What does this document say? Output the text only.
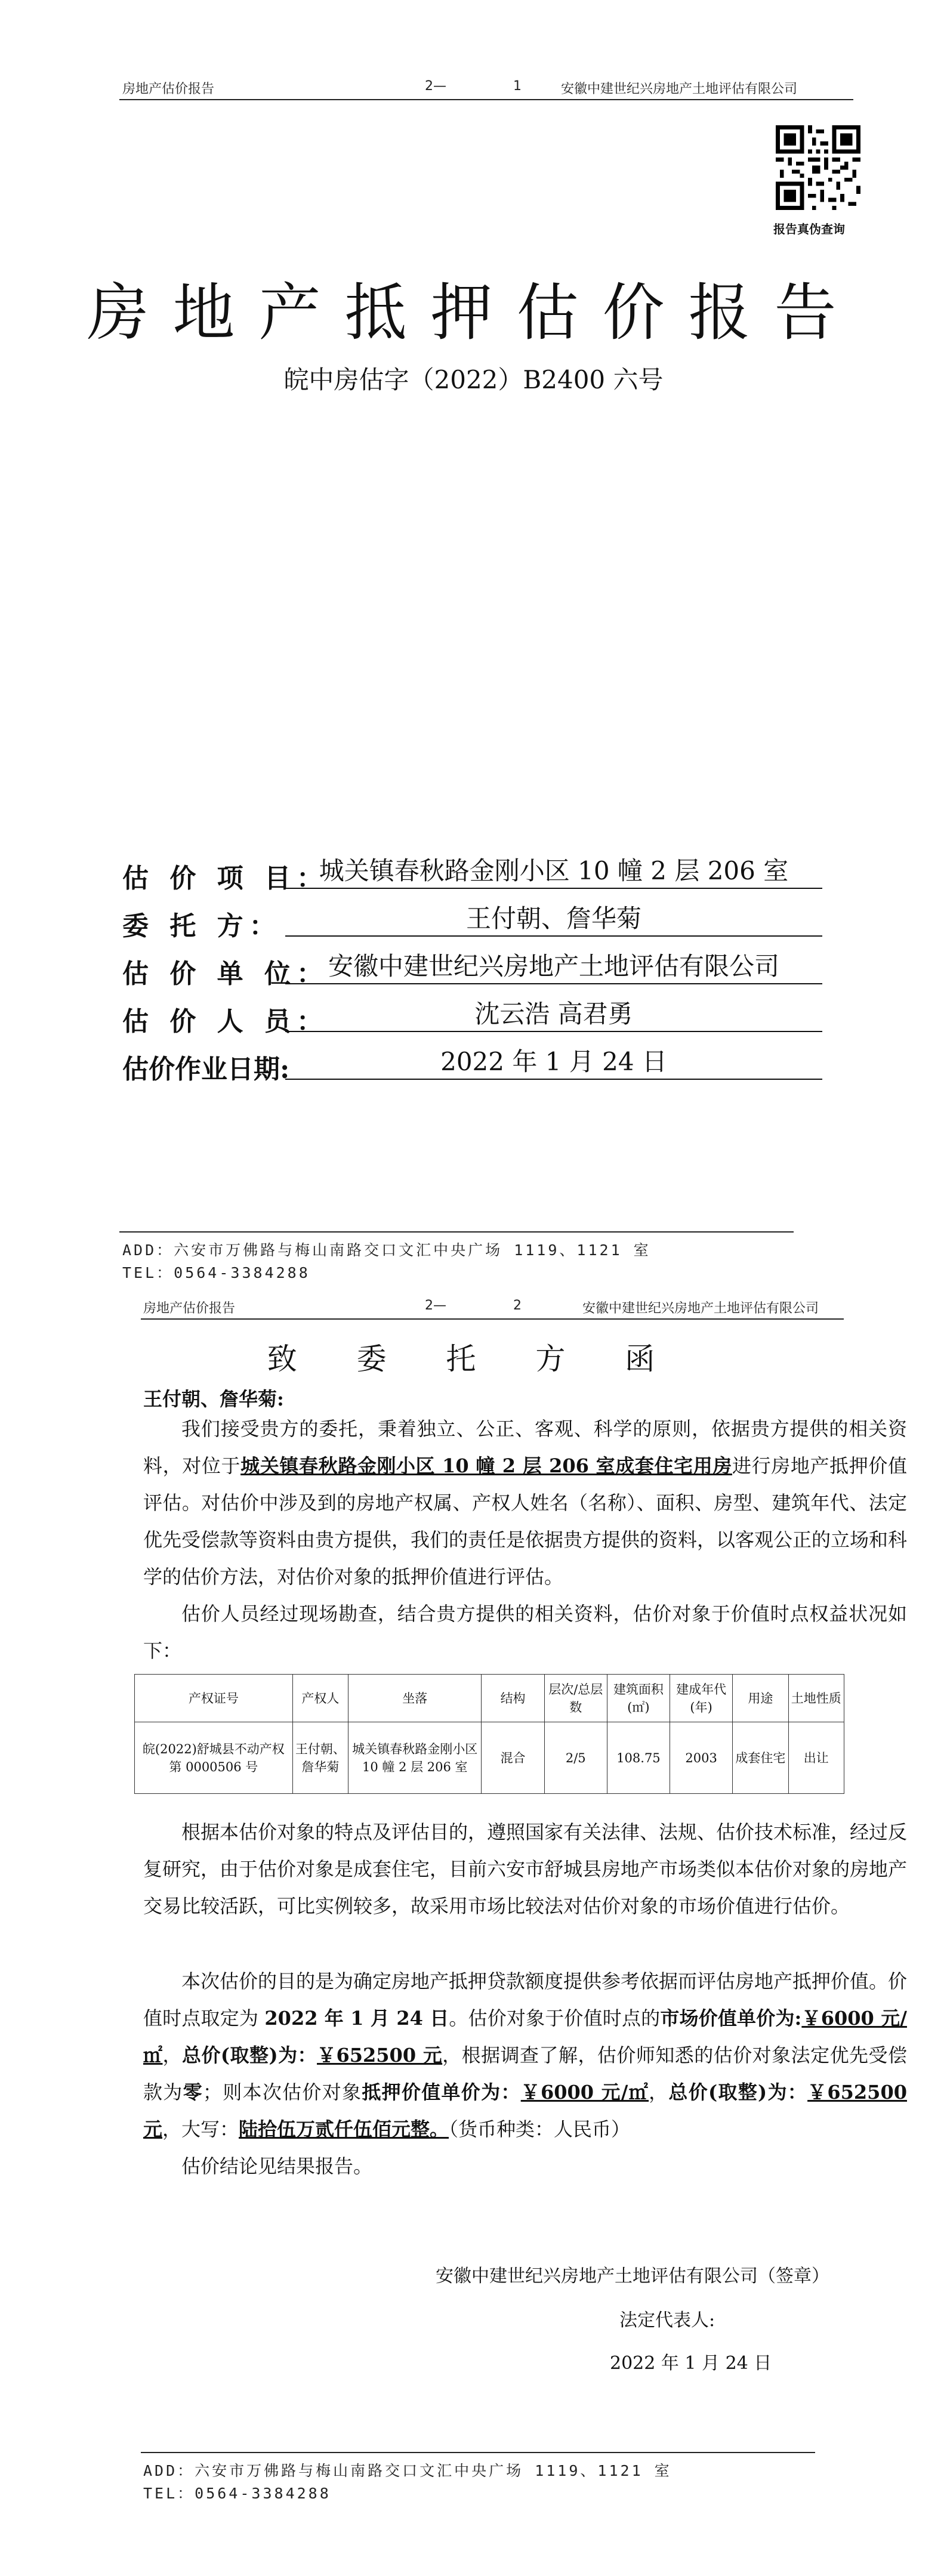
房地产估价报告	2—	1	安徽中建世纪兴房地产土地评估有限公司
报告真伪查询
房地产抵押估价报告
皖中房估字（2022）B2400 六号
估 价 项 目：
城关镇春秋路金刚小区 10 幢 2 层 206 室
委 托 方：	王付朝、詹华菊
估 价 单 位： 安徽中建世纪兴房地产土地评估有限公司
估 价 人 员：	沈云浩 高君勇
估价作业日期:	2022 年 1 月 24 日
ADD：六安市万佛路与梅山南路交口文汇中央广场 1119、1121 室
TEL：0564-3384288
房地产估价报告	2—	2	安徽中建世纪兴房地产土地评估有限公司
致 委 托 方 函
王付朝、詹华菊:
我们接受贵方的委托，秉着独立、公正、客观、科学的原则，依据贵方提供的相关资料，对位于城关镇春秋路金刚小区 10 幢 2 层 206 室成套住宅用房进行房地产抵押价值评估。对估价中涉及到的房地产权属、产权人姓名（名称）、面积、房型、建筑年代、法定优先受偿款等资料由贵方提供，我们的责任是依据贵方提供的资料，以客观公正的立场和科学的估价方法，对估价对象的抵押价值进行评估。
估价人员经过现场勘查，结合贵方提供的相关资料，估价对象于价值时点权益状况如下：
产权证号	产权人	坐落	结构	层次/总层数	建筑面积(㎡)	建成年代(年)	用途	土地性质
皖(2022)舒城县不动产权第 0000506 号	王付朝、詹华菊	城关镇春秋路金刚小区 10 幢 2 层 206 室	混合	2/5	108.75	2003	成套住宅	出让
根据本估价对象的特点及评估目的，遵照国家有关法律、法规、估价技术标准，经过反复研究，由于估价对象是成套住宅，目前六安市舒城县房地产市场类似本估价对象的房地产交易比较活跃，可比实例较多，故采用市场比较法对估价对象的市场价值进行估价。
本次估价的目的是为确定房地产抵押贷款额度提供参考依据而评估房地产抵押价值。价值时点取定为 2022 年 1 月 24 日。估价对象于价值时点的市场价值单价为:￥6000 元/㎡，总价(取整)为：￥652500 元，根据调查了解，估价师知悉的估价对象法定优先受偿款为零；则本次估价对象抵押价值单价为：￥6000 元/㎡，总价(取整)为：￥652500 元，大写：陆拾伍万贰仟伍佰元整。（货币种类：人民币）
估价结论见结果报告。
安徽中建世纪兴房地产土地评估有限公司（签章）
法定代表人:
2022 年 1 月 24 日
ADD：六安市万佛路与梅山南路交口文汇中央广场 1119、1121 室
TEL：0564-3384288
